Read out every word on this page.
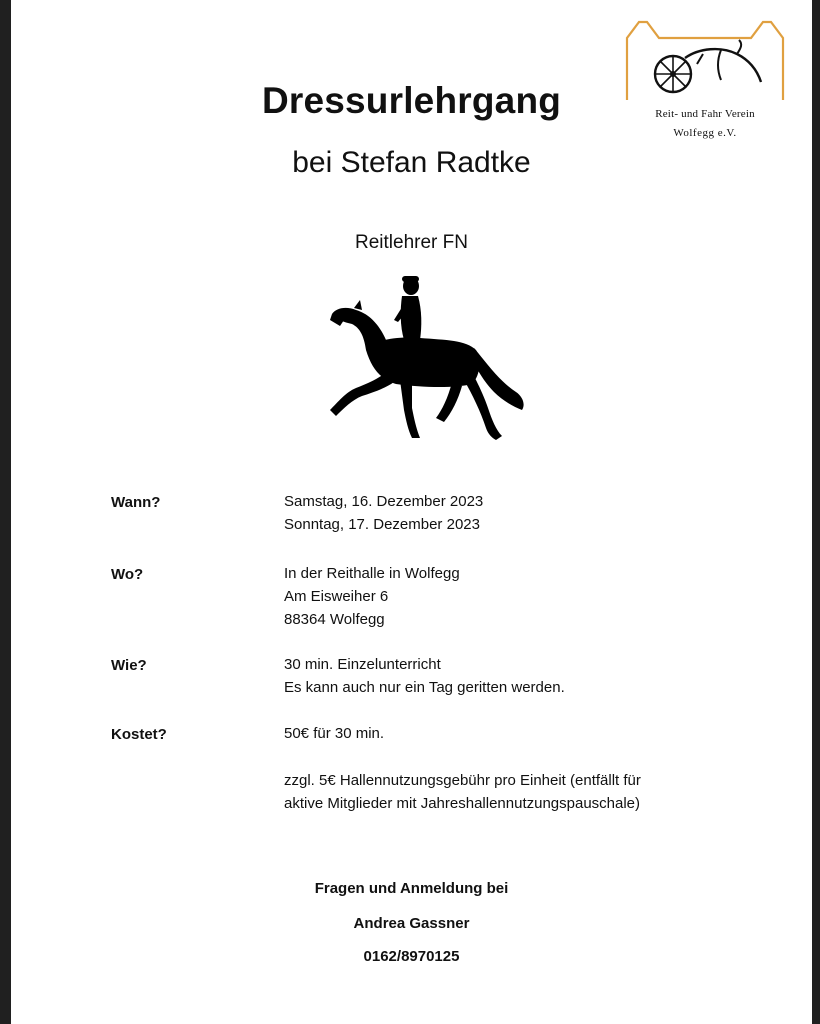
Reit- und Fahr Verein
Wolfegg e.V.
Dressurlehrgang
bei Stefan Radtke
Reitlehrer FN
Wann?	Samstag, 16. Dezember 2023
Sonntag, 17. Dezember 2023
Wo?	In der Reithalle in Wolfegg
Am Eisweiher 6
88364 Wolfegg
Wie?	30 min. Einzelunterricht
Es kann auch nur ein Tag geritten werden.
Kostet?	50€ für 30 min.
zzgl. 5€ Hallennutzungsgebühr pro Einheit (entfällt für
aktive Mitglieder mit Jahreshallennutzungspauschale)
Fragen und Anmeldung bei
Andrea Gassner
0162/8970125
